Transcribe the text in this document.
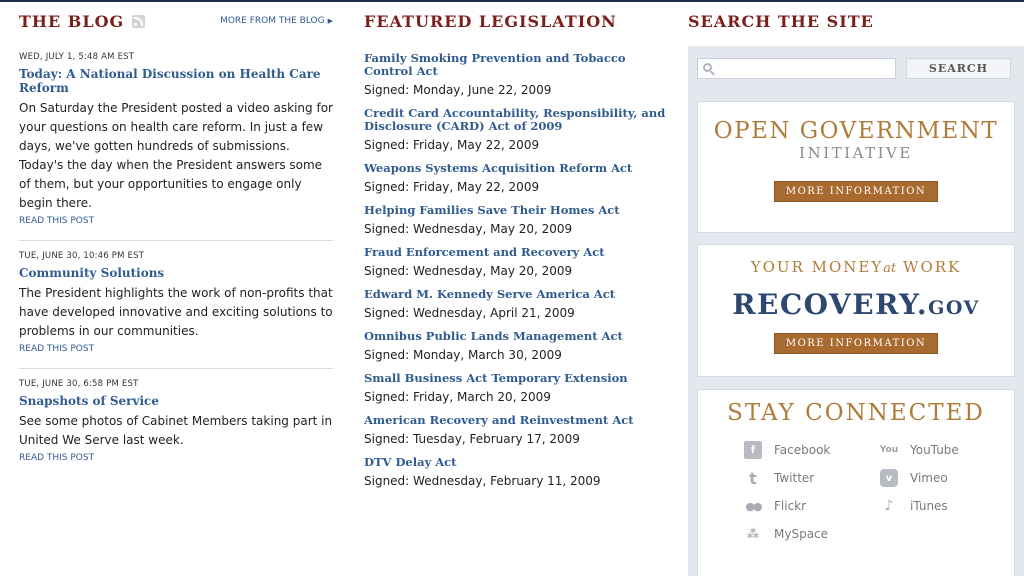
THE BLOG	MORE FROM THE BLOG ▶
WED, JULY 1, 5:48 AM EST
Today: A National Discussion on Health Care Reform

On Saturday the President posted a video asking for your questions on health care reform. In just a few days, we've gotten hundreds of submissions. Today's the day when the President answers some of them, but your opportunities to engage only begin there.

READ THIS POST
TUE, JUNE 30, 10:46 PM EST
Community Solutions

The President highlights the work of non-profits that have developed innovative and exciting solutions to problems in our communities.

READ THIS POST
TUE, JUNE 30, 6:58 PM EST
Snapshots of Service

See some photos of Cabinet Members taking part in United We Serve last week.

READ THIS POST
FEATURED LEGISLATION
Family Smoking Prevention and Tobacco Control Act
Signed: Monday, June 22, 2009
Credit Card Accountability, Responsibility, and Disclosure (CARD) Act of 2009
Signed: Friday, May 22, 2009
Weapons Systems Acquisition Reform Act
Signed: Friday, May 22, 2009
Helping Families Save Their Homes Act
Signed: Wednesday, May 20, 2009
Fraud Enforcement and Recovery Act
Signed: Wednesday, May 20, 2009
Edward M. Kennedy Serve America Act
Signed: Wednesday, April 21, 2009
Omnibus Public Lands Management Act
Signed: Monday, March 30, 2009
Small Business Act Temporary Extension
Signed: Friday, March 20, 2009
American Recovery and Reinvestment Act
Signed: Tuesday, February 17, 2009
DTV Delay Act
Signed: Wednesday, February 11, 2009
SEARCH THE SITE
SEARCH
OPEN GOVERNMENT
INITIATIVE
MORE INFORMATION
YOUR MONEYat WORK
RECOVERY.GOV
MORE INFORMATION
STAY CONNECTED
f	Facebook	You YouTube
t	Twitter	v	Vimeo
●● Flickr	♪	iTunes
⁂ MySpace
